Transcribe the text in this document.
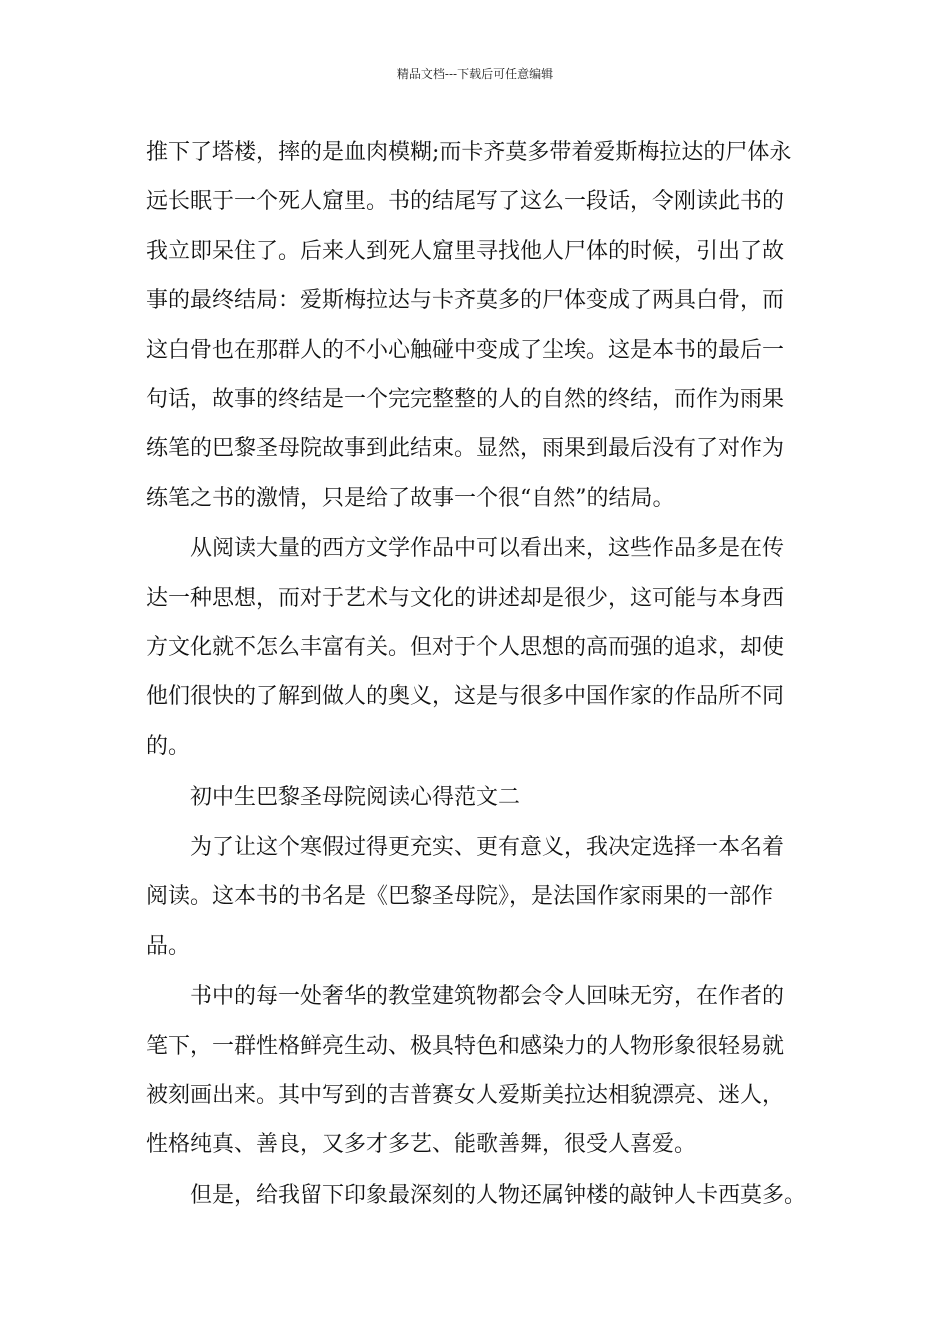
精品文档---下载后可任意编辑
推下了塔楼，摔的是血肉模糊;而卡齐莫多带着爱斯梅拉达的尸体永
远长眠于一个死人窟里。书的结尾写了这么一段话，令刚读此书的
我立即呆住了。后来人到死人窟里寻找他人尸体的时候，引出了故
事的最终结局：爱斯梅拉达与卡齐莫多的尸体变成了两具白骨，而
这白骨也在那群人的不小心触碰中变成了尘埃。这是本书的最后一
句话，故事的终结是一个完完整整的人的自然的终结，而作为雨果
练笔的巴黎圣母院故事到此结束。显然，雨果到最后没有了对作为
练笔之书的激情，只是给了故事一个很“自然”的结局。
从阅读大量的西方文学作品中可以看出来，这些作品多是在传
达一种思想，而对于艺术与文化的讲述却是很少，这可能与本身西
方文化就不怎么丰富有关。但对于个人思想的高而强的追求，却使
他们很快的了解到做人的奥义，这是与很多中国作家的作品所不同
的。
初中生巴黎圣母院阅读心得范文二
为了让这个寒假过得更充实、更有意义，我决定选择一本名着
阅读。这本书的书名是《巴黎圣母院》，是法国作家雨果的一部作
品。
书中的每一处奢华的教堂建筑物都会令人回味无穷，在作者的
笔下，一群性格鲜亮生动、极具特色和感染力的人物形象很轻易就
被刻画出来。其中写到的吉普赛女人爱斯美拉达相貌漂亮、迷人，
性格纯真、善良，又多才多艺、能歌善舞，很受人喜爱。
但是，给我留下印象最深刻的人物还属钟楼的敲钟人卡西莫多。
